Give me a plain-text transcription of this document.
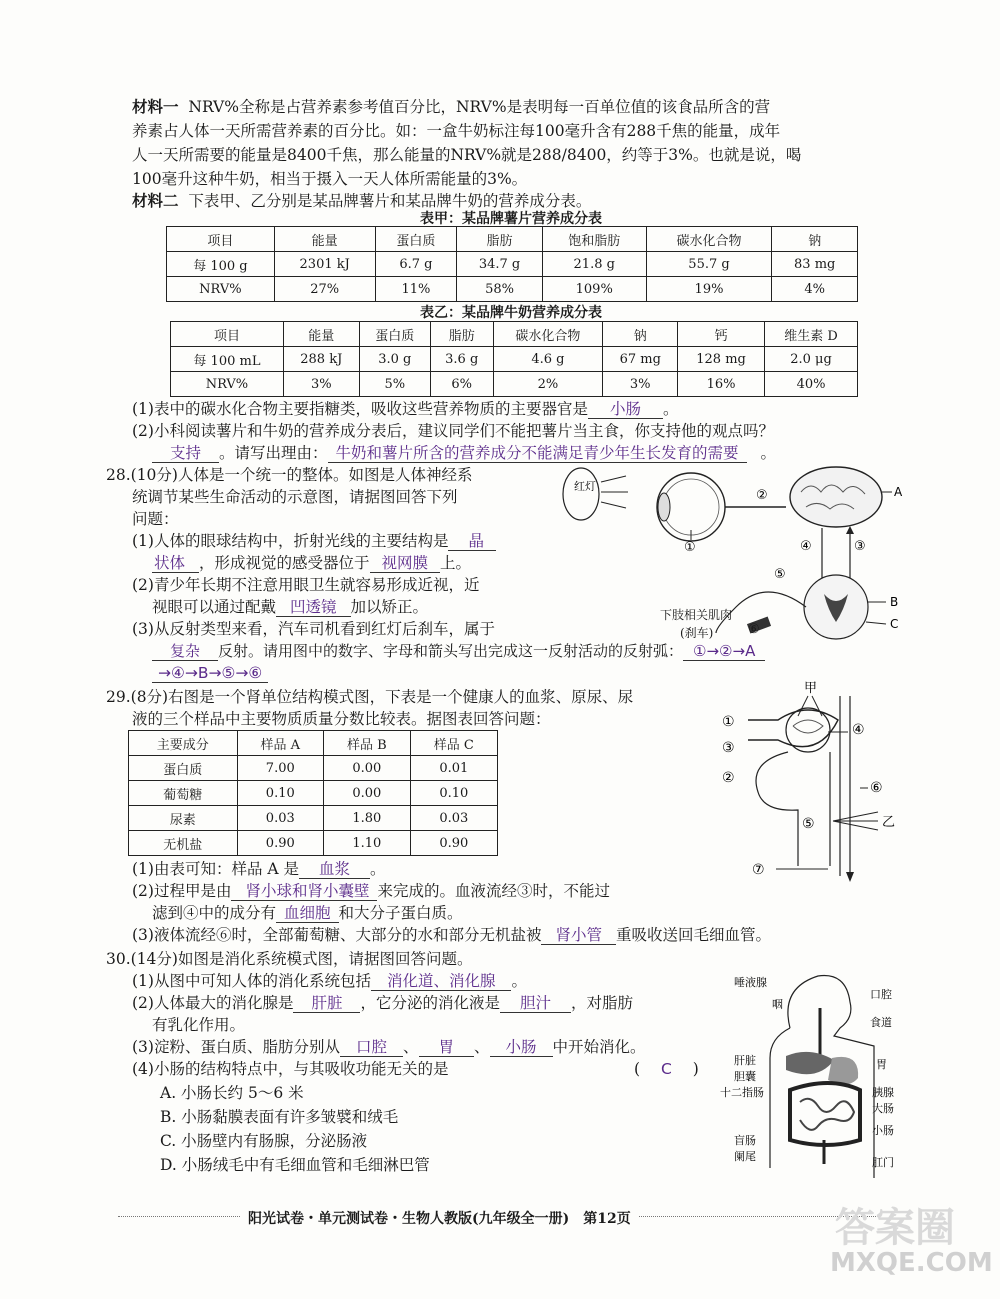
材料一 NRV%全称是占营养素参考值百分比，NRV%是表明每一百单位值的该食品所含的营
养素占人体一天所需营养素的百分比。如：一盒牛奶标注每100毫升含有288千焦的能量，成年
人一天所需要的能量是8400千焦，那么能量的NRV%就是288/8400，约等于3%。也就是说，喝
100毫升这种牛奶，相当于摄入一天人体所需能量的3%。
材料二 下表甲、乙分别是某品牌薯片和某品牌牛奶的营养成分表。
表甲：某品牌薯片营养成分表
项目	能量	蛋白质	脂肪	饱和脂肪	碳水化合物	钠
每 100 g	2301 kJ	6.7 g	34.7 g	21.8 g	55.7 g	83 mg
NRV%	27%	11%	58%	109%	19%	4%
表乙：某品牌牛奶营养成分表
项目	能量	蛋白质	脂肪	碳水化合物	钠	钙	维生素 D
每 100 mL	288 kJ	3.0 g	3.6 g	4.6 g	67 mg	128 mg	2.0 μg
NRV%	3%	5%	6%	2%	3%	16%	40%
(1)表中的碳水化合物主要指糖类，吸收这些营养物质的主要器官是 小肠 。
(2)小科阅读薯片和牛奶的营养成分表后，建议同学们不能把薯片当主食，你支持他的观点吗？
支持 。请写出理由： 牛奶和薯片所含的营养成分不能满足青少年生长发育的需要 。
28.(10分)人体是一个统一的整体。如图是人体神经系
统调节某些生命活动的示意图，请据图回答下列
问题：
(1)人体的眼球结构中，折射光线的主要结构是 晶
状体 ，形成视觉的感受器位于 视网膜 上。
(2)青少年长期不注意用眼卫生就容易形成近视，近
视眼可以通过配戴 凹透镜 加以矫正。
(3)从反射类型来看，汽车司机看到红灯后刹车，属于
复杂 反射。请用图中的数字、字母和箭头写出完成这一反射活动的反射弧： ①→②→A
→④→B→⑤→⑥
红灯
①
②	A
④	③
B
C
⑤
下肢相关肌肉
(刹车)	⑥
29.(8分)右图是一个肾单位结构模式图，下表是一个健康人的血浆、原尿、尿
液的三个样品中主要物质质量分数比较表。据图表回答问题：
主要成分	样品 A	样品 B	样品 C
蛋白质	7.00	0.00	0.01
葡萄糖	0.10	0.00	0.10
尿素	0.03	1.80	0.03
无机盐	0.90	1.10	0.90
(1)由表可知：样品 A 是 血浆 。
(2)过程甲是由 肾小球和肾小囊壁 来完成的。血液流经③时，不能过
滤到④中的成分有 血细胞 和大分子蛋白质。
(3)液体流经⑥时，全部葡萄糖、大部分的水和部分无机盐被 肾小管 重吸收送回毛细血管。
甲
①
③
②
④
⑥
⑤	乙
⑦
30.(14分)如图是消化系统模式图，请据图回答问题。
(1)从图中可知人体的消化系统包括 消化道、消化腺 。
(2)人体最大的消化腺是 肝脏 ，它分泌的消化液是 胆汁 ，对脂肪
有乳化作用。
(3)淀粉、蛋白质、脂肪分别从 口腔 、 胃 、 小肠 中开始消化。
(4)小肠的结构特点中，与其吸收功能无关的是	( C )
A. 小肠长约 5～6 米
B. 小肠黏膜表面有许多皱襞和绒毛
C. 小肠壁内有肠腺，分泌肠液
D. 小肠绒毛中有毛细血管和毛细淋巴管
唾液腺
咽
肝脏
胆囊
十二指肠
盲肠
阑尾
口腔
食道
胃
胰腺
大肠
小肠
肛门
阳光试卷・单元测试卷・生物人教版(九年级全一册)　第12页	答案圈
MXQE.COM
